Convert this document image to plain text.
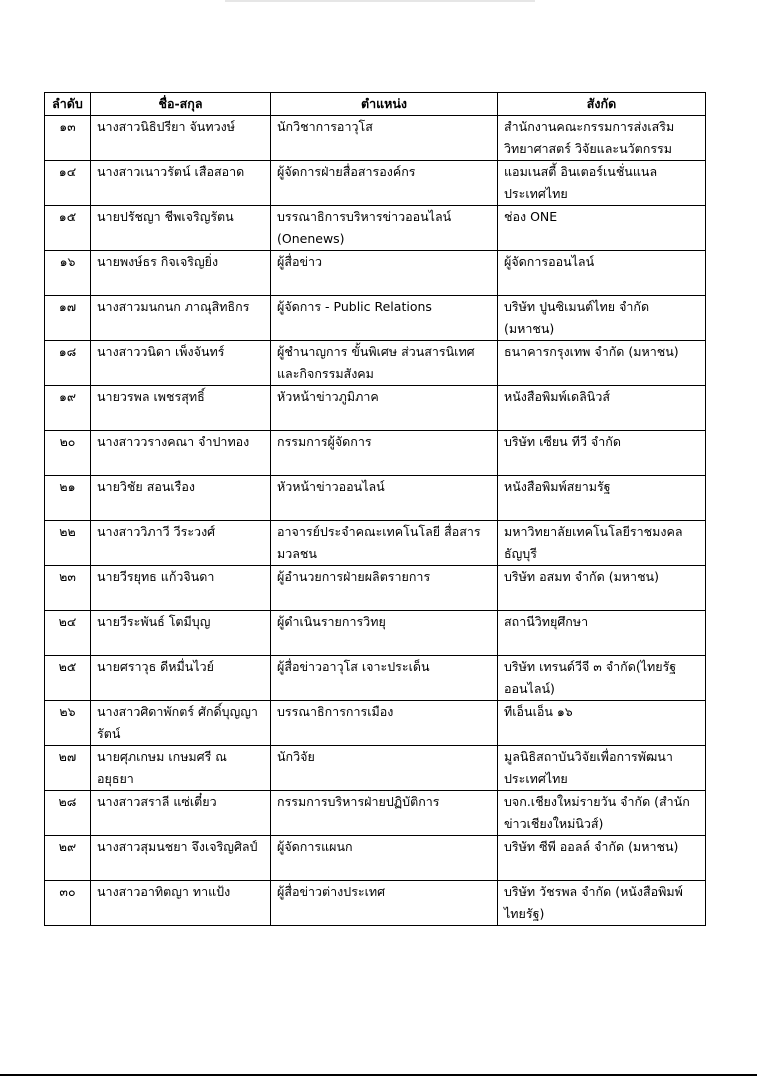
ลำดับ	ชื่อ-สกุล	ตำแหน่ง	สังกัด
๑๓	นางสาวนิธิปรียา จันทวงษ์	นักวิชาการอาวุโส	สำนักงานคณะกรรมการส่งเสริม วิทยาศาสตร์ วิจัยและนวัตกรรม
๑๔	นางสาวเนาวรัตน์ เสือสอาด	ผู้จัดการฝ่ายสื่อสารองค์กร	แอมเนสตี้ อินเตอร์เนชั่นแนล ประเทศไทย
๑๕	นายปรัชญา ชีพเจริญรัตน	บรรณาธิการบริหารข่าวออนไลน์ (Onenews)	ช่อง ONE
๑๖	นายพงษ์ธร กิจเจริญยิ่ง	ผู้สื่อข่าว	ผู้จัดการออนไลน์
๑๗	นางสาวมนกนก ภาณุสิทธิกร	ผู้จัดการ - Public Relations	บริษัท ปูนซิเมนต์ไทย จำกัด (มหาชน)
๑๘	นางสาววนิดา เพ็งจันทร์	ผู้ชำนาญการ ขั้นพิเศษ ส่วนสารนิเทศ และกิจกรรมสังคม	ธนาคารกรุงเทพ จำกัด (มหาชน)
๑๙	นายวรพล เพชรสุทธิ์	หัวหน้าข่าวภูมิภาค	หนังสือพิมพ์เดลินิวส์
๒๐	นางสาววรางคณา จำปาทอง	กรรมการผู้จัดการ	บริษัท เซียน ทีวี จำกัด
๒๑	นายวิชัย สอนเรือง	หัวหน้าข่าวออนไลน์	หนังสือพิมพ์สยามรัฐ
๒๒	นางสาววิภาวี วีระวงศ์	อาจารย์ประจำคณะเทคโนโลยี สื่อสารมวลชน	มหาวิทยาลัยเทคโนโลยีราชมงคล ธัญบุรี
๒๓	นายวีรยุทธ แก้วจินดา	ผู้อำนวยการฝ่ายผลิตรายการ	บริษัท อสมท จำกัด (มหาชน)
๒๔	นายวีระพันธ์ โตมีบุญ	ผู้ดำเนินรายการวิทยุ	สถานีวิทยุศึกษา
๒๕	นายศราวุธ ดีหมื่นไวย์	ผู้สื่อข่าวอาวุโส เจาะประเด็น	บริษัท เทรนด์วีจี ๓ จำกัด(ไทยรัฐ ออนไลน์)
๒๖	นางสาวศิดาพักตร์ ศักดิ์บุญญา รัตน์	บรรณาธิการการเมือง	ทีเอ็นเอ็น ๑๖
๒๗	นายศุภเกษม เกษมศรี ณ อยุธยา	นักวิจัย	มูลนิธิสถาบันวิจัยเพื่อการพัฒนา ประเทศไทย
๒๘	นางสาวสราลี แซ่เตี๋ยว	กรรมการบริหารฝ่ายปฏิบัติการ	บจก.เชียงใหม่รายวัน จำกัด (สำนัก ข่าวเชียงใหม่นิวส์)
๒๙	นางสาวสุมนชยา จึงเจริญศิลป์	ผู้จัดการแผนก	บริษัท ซีพี ออลล์ จำกัด (มหาชน)
๓๐	นางสาวอาทิตญา ทาแป้ง	ผู้สื่อข่าวต่างประเทศ	บริษัท วัชรพล จำกัด (หนังสือพิมพ์ ไทยรัฐ)
